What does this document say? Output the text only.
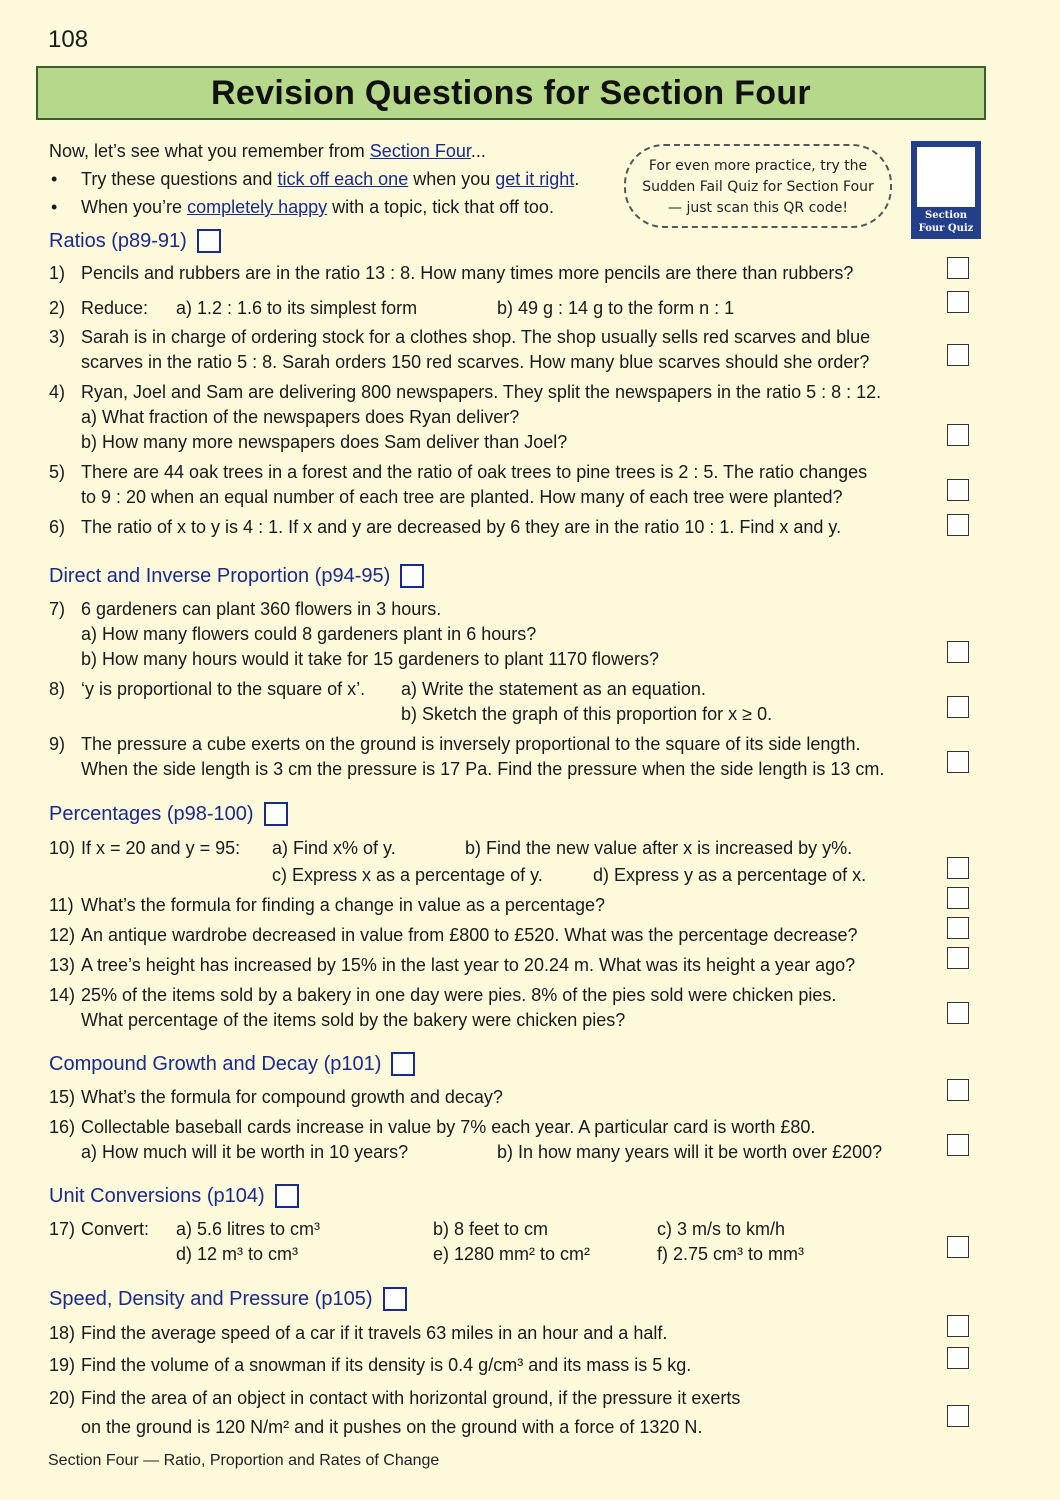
108
Revision Questions for Section Four
Now, let’s see what you remember from Section Four...
• Try these questions and tick off each one when you get it right.
• When you’re completely happy with a topic, tick that off too.
For even more practice, try the
Sudden Fail Quiz for Section Four
— just scan this QR code!	Section
Four Quiz
Ratios (p89-91)
1) Pencils and rubbers are in the ratio 13 : 8. How many times more pencils are there than rubbers?
2) Reduce: a) 1.2 : 1.6 to its simplest form	b) 49 g : 14 g to the form n : 1
3) Sarah is in charge of ordering stock for a clothes shop. The shop usually sells red scarves and blue
scarves in the ratio 5 : 8. Sarah orders 150 red scarves. How many blue scarves should she order?
4) Ryan, Joel and Sam are delivering 800 newspapers. They split the newspapers in the ratio 5 : 8 : 12.
a) What fraction of the newspapers does Ryan deliver?
b) How many more newspapers does Sam deliver than Joel?
5) There are 44 oak trees in a forest and the ratio of oak trees to pine trees is 2 : 5. The ratio changes
to 9 : 20 when an equal number of each tree are planted. How many of each tree were planted?
6) The ratio of x to y is 4 : 1. If x and y are decreased by 6 they are in the ratio 10 : 1. Find x and y.
Direct and Inverse Proportion (p94-95)
7) 6 gardeners can plant 360 flowers in 3 hours.
a) How many flowers could 8 gardeners plant in 6 hours?
b) How many hours would it take for 15 gardeners to plant 1170 flowers?
8) ‘y is proportional to the square of x’. a) Write the statement as an equation.
b) Sketch the graph of this proportion for x ≥ 0.
9) The pressure a cube exerts on the ground is inversely proportional to the square of its side length.
When the side length is 3 cm the pressure is 17 Pa. Find the pressure when the side length is 13 cm.
Percentages (p98-100)
10) If x = 20 and y = 95: a) Find x% of y.	b) Find the new value after x is increased by y%.
c) Express x as a percentage of y.	d) Express y as a percentage of x.
11) What’s the formula for finding a change in value as a percentage?
12) An antique wardrobe decreased in value from £800 to £520. What was the percentage decrease?
13) A tree’s height has increased by 15% in the last year to 20.24 m. What was its height a year ago?
14) 25% of the items sold by a bakery in one day were pies. 8% of the pies sold were chicken pies.
What percentage of the items sold by the bakery were chicken pies?
Compound Growth and Decay (p101)
15) What’s the formula for compound growth and decay?
16) Collectable baseball cards increase in value by 7% each year. A particular card is worth £80.
a) How much will it be worth in 10 years?	b) In how many years will it be worth over £200?
Unit Conversions (p104)
17) Convert: a) 5.6 litres to cm³	b) 8 feet to cm	c) 3 m/s to km/h
d) 12 m³ to cm³	e) 1280 mm² to cm²	f) 2.75 cm³ to mm³
Speed, Density and Pressure (p105)
18) Find the average speed of a car if it travels 63 miles in an hour and a half.
19) Find the volume of a snowman if its density is 0.4 g/cm³ and its mass is 5 kg.
20) Find the area of an object in contact with horizontal ground, if the pressure it exerts
on the ground is 120 N/m² and it pushes on the ground with a force of 1320 N.
Section Four — Ratio, Proportion and Rates of Change
